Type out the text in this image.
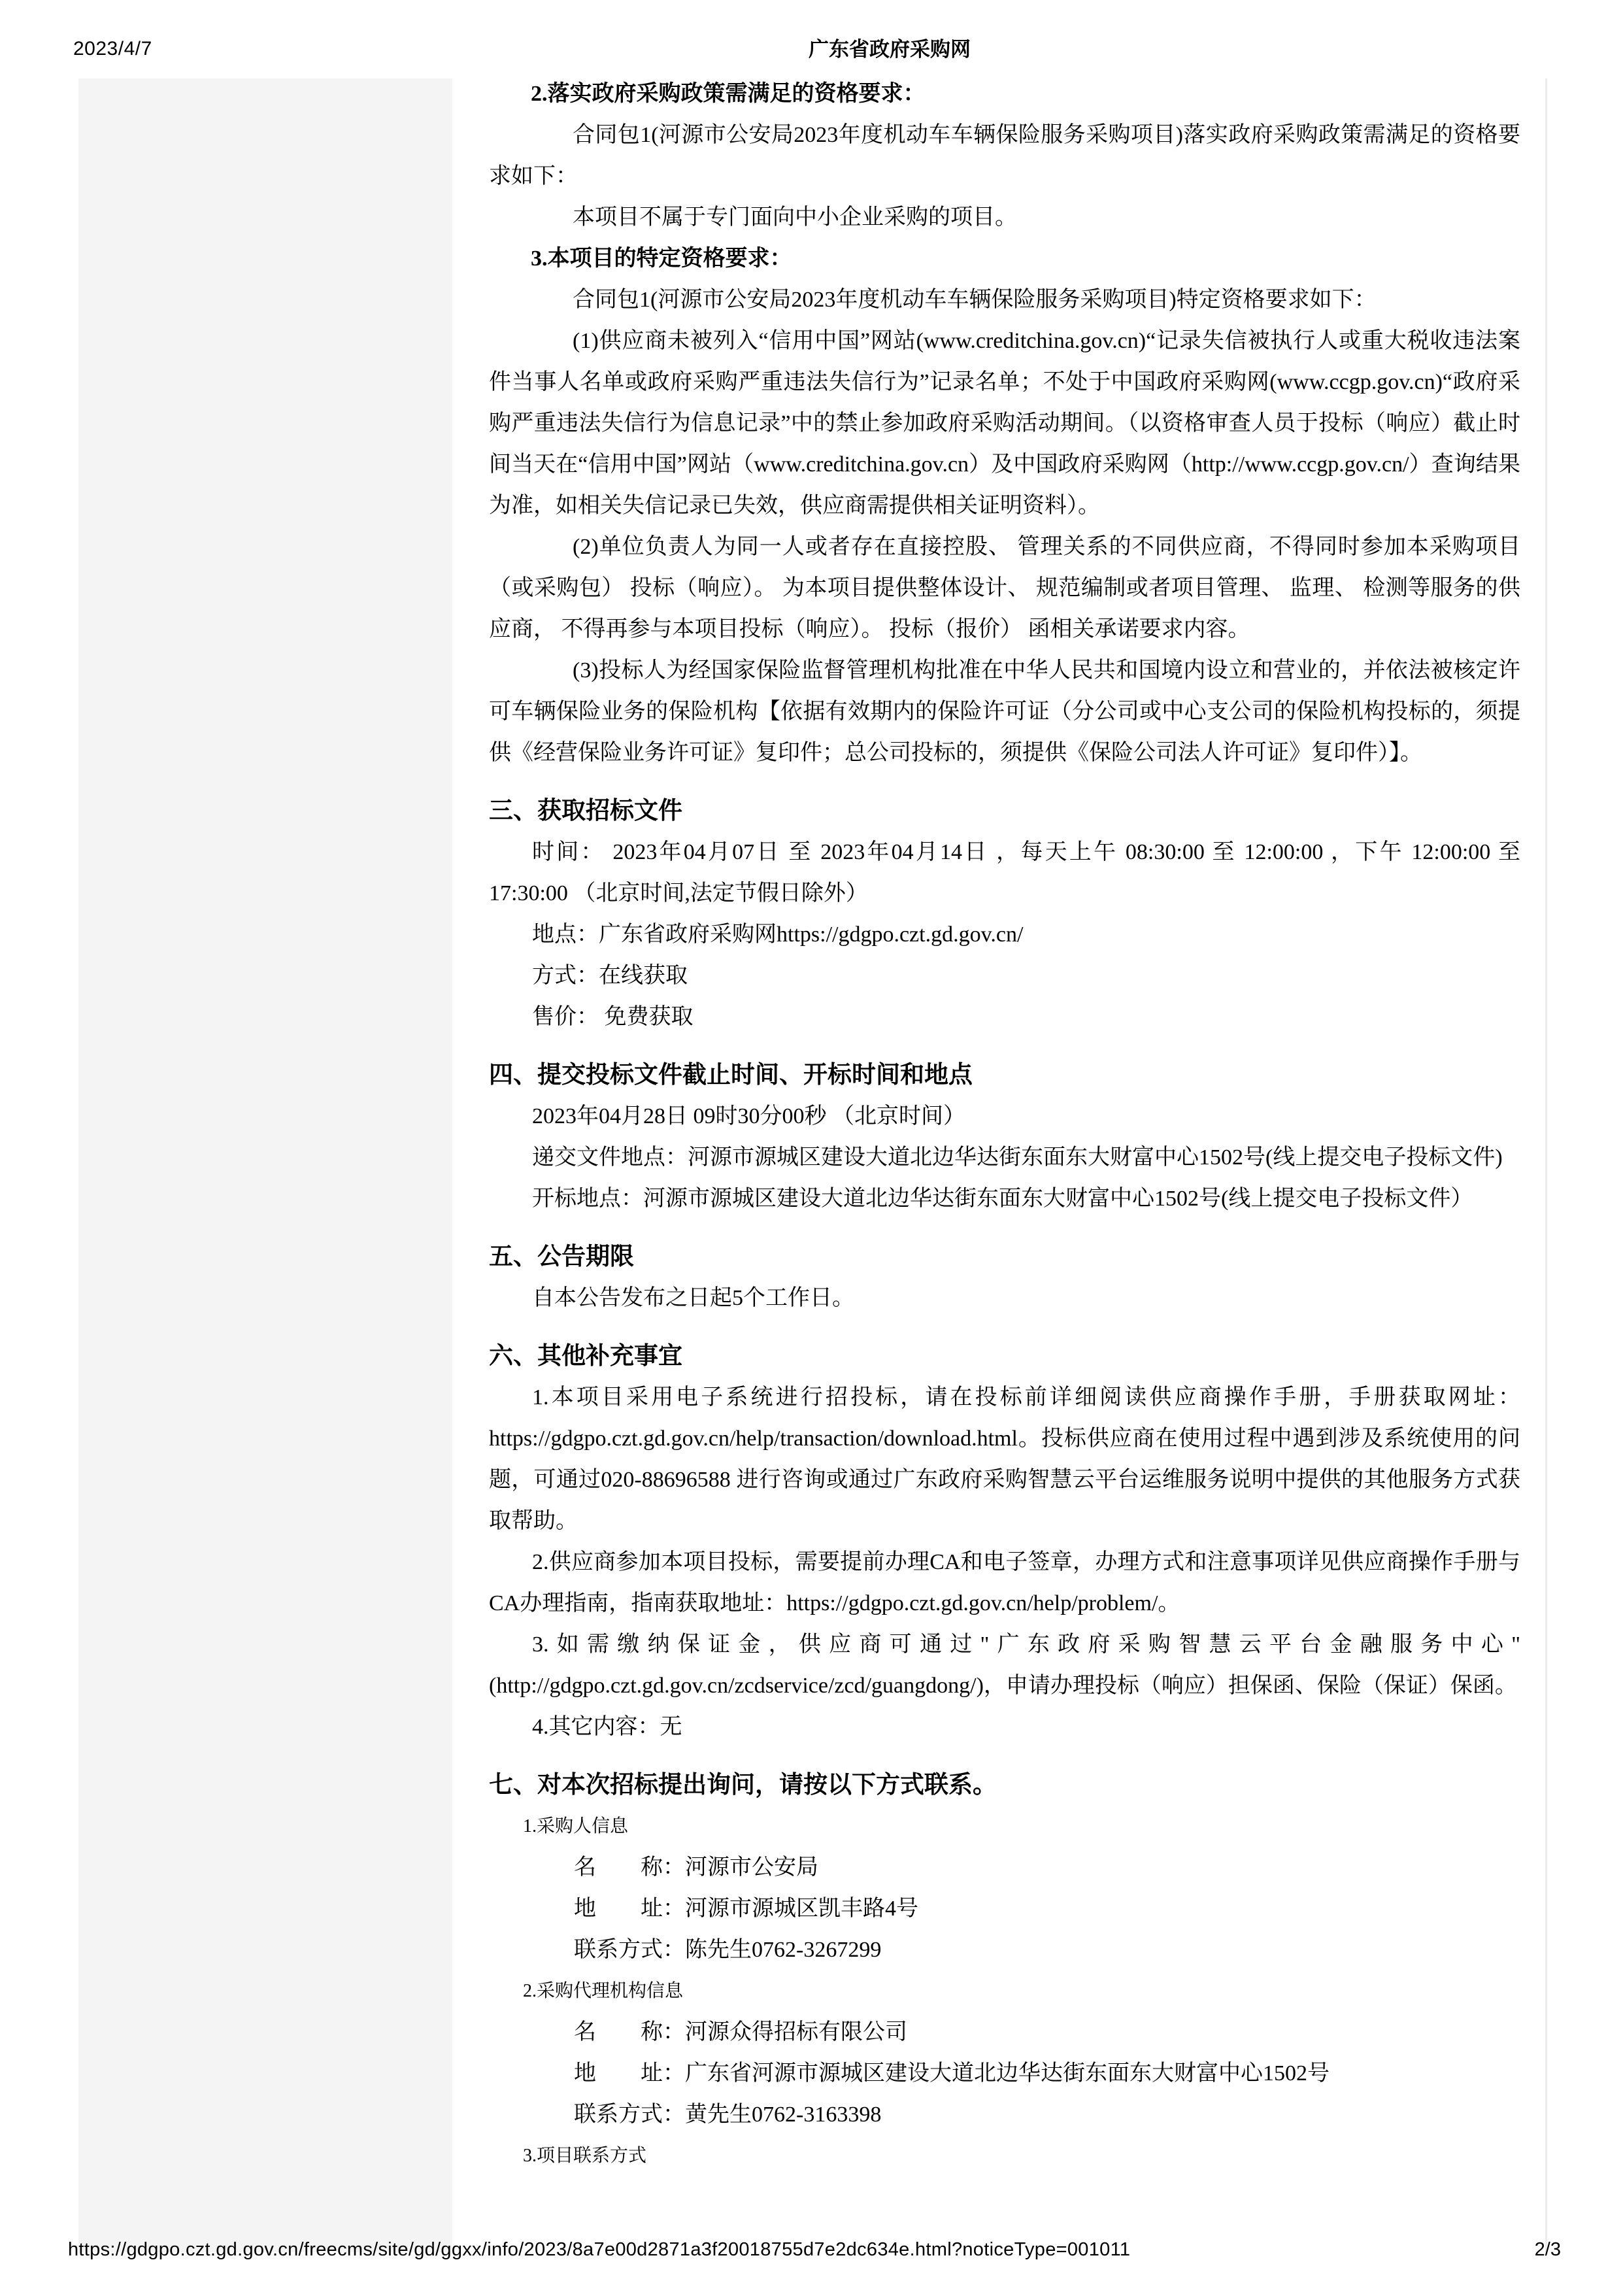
2023/4/7	广东省政府采购网

2.落实政府采购政策需满足的资格要求：

合同包1(河源市公安局2023年度机动车车辆保险服务采购项目)落实政府采购政策需满足的资格要求如下：

本项目不属于专门面向中小企业采购的项目。

3.本项目的特定资格要求：

合同包1(河源市公安局2023年度机动车车辆保险服务采购项目)特定资格要求如下：

(1)供应商未被列入“信用中国”网站(www.creditchina.gov.cn)“记录失信被执行人或重大税收违法案件当事人名单或政府采购严重违法失信行为”记录名单；不处于中国政府采购网(www.ccgp.gov.cn)“政府采购严重违法失信行为信息记录”中的禁止参加政府采购活动期间。（以资格审查人员于投标（响应）截止时间当天在“信用中国”网站（www.creditchina.gov.cn）及中国政府采购网（http://www.ccgp.gov.cn/）查询结果为准，如相关失信记录已失效，供应商需提供相关证明资料）。

(2)单位负责人为同一人或者存在直接控股、 管理关系的不同供应商，不得同时参加本采购项目（或采购包） 投标（响应）。 为本项目提供整体设计、 规范编制或者项目管理、 监理、 检测等服务的供应商， 不得再参与本项目投标（响应）。 投标（报价） 函相关承诺要求内容。

(3)投标人为经国家保险监督管理机构批准在中华人民共和国境内设立和营业的，并依法被核定许可车辆保险业务的保险机构【依据有效期内的保险许可证（分公司或中心支公司的保险机构投标的，须提供《经营保险业务许可证》复印件；总公司投标的，须提供《保险公司法人许可证》复印件）】。

三、获取招标文件

时间： 2023年04月07日 至 2023年04月14日 ，每天上午 08:30:00 至 12:00:00 ，下午 12:00:00 至 17:30:00 （北京时间,法定节假日除外）

地点：广东省政府采购网https://gdgpo.czt.gd.gov.cn/

方式：在线获取

售价： 免费获取

四、提交投标文件截止时间、开标时间和地点

2023年04月28日 09时30分00秒 （北京时间）

递交文件地点：河源市源城区建设大道北边华达街东面东大财富中心1502号(线上提交电子投标文件)

开标地点：河源市源城区建设大道北边华达街东面东大财富中心1502号(线上提交电子投标文件）

五、公告期限

自本公告发布之日起5个工作日。

六、其他补充事宜

1.本项目采用电子系统进行招投标，请在投标前详细阅读供应商操作手册，手册获取网址：https://gdgpo.czt.gd.gov.cn/help/transaction/download.html。投标供应商在使用过程中遇到涉及系统使用的问题，可通过020-88696588 进行咨询或通过广东政府采购智慧云平台运维服务说明中提供的其他服务方式获取帮助。

2.供应商参加本项目投标，需要提前办理CA和电子签章，办理方式和注意事项详见供应商操作手册与CA办理指南，指南获取地址：https://gdgpo.czt.gd.gov.cn/help/problem/。

3.如需缴纳保证金，供应商可通过"广东政府采购智慧云平台金融服务中心"(http://gdgpo.czt.gd.gov.cn/zcdservice/zcd/guangdong/)，申请办理投标（响应）担保函、保险（保证）保函。

4.其它内容：无

七、对本次招标提出询问，请按以下方式联系。

1.采购人信息

名　　称：河源市公安局

地　　址：河源市源城区凯丰路4号

联系方式：陈先生0762-3267299

2.采购代理机构信息

名　　称：河源众得招标有限公司

地　　址：广东省河源市源城区建设大道北边华达街东面东大财富中心1502号

联系方式：黄先生0762-3163398

3.项目联系方式

https://gdgpo.czt.gd.gov.cn/freecms/site/gd/ggxx/info/2023/8a7e00d2871a3f20018755d7e2dc634e.html?noticeType=001011	2/3
